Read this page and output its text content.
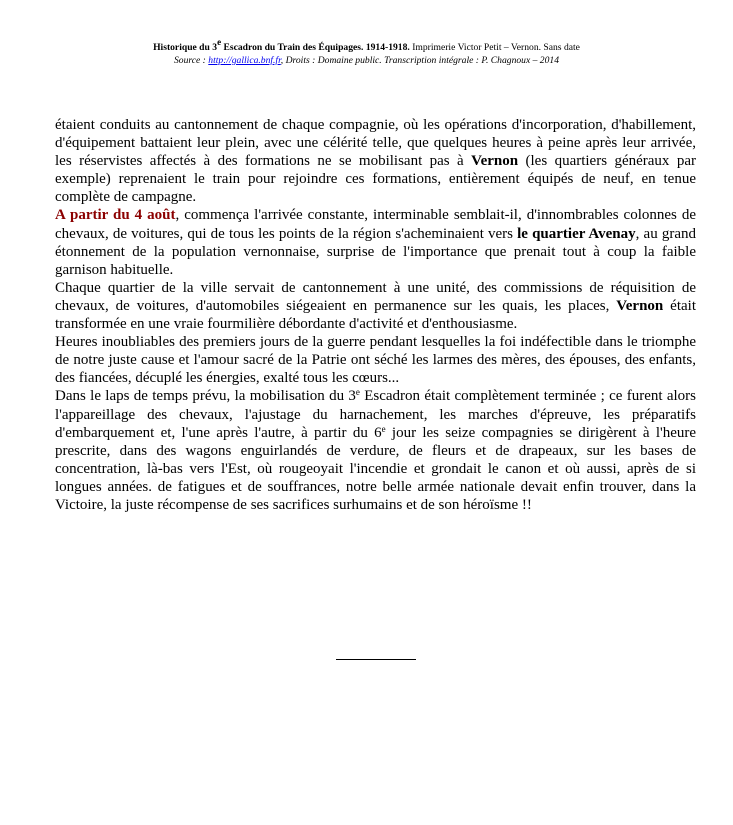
Historique du 3e Escadron du Train des Équipages. 1914-1918. Imprimerie Victor Petit – Vernon. Sans date
Source : http://gallica.bnf.fr, Droits : Domaine public. Transcription intégrale : P. Chagnoux – 2014

étaient conduits au cantonnement de chaque compagnie, où les opérations d'incorporation, d'habillement, d'équipement battaient leur plein, avec une célérité telle, que quelques heures à peine après leur arrivée, les réservistes affectés à des formations ne se mobilisant pas à Vernon (les quartiers généraux par exemple) reprenaient le train pour rejoindre ces formations, entièrement équipés de neuf, en tenue complète de campagne.

A partir du 4 août, commença l'arrivée constante, interminable semblait-il, d'innombrables colonnes de chevaux, de voitures, qui de tous les points de la région s'acheminaient vers le quartier Avenay, au grand étonnement de la population vernonnaise, surprise de l'importance que prenait tout à coup la faible garnison habituelle.

Chaque quartier de la ville servait de cantonnement à une unité, des commissions de réquisition de chevaux, de voitures, d'automobiles siégeaient en permanence sur les quais, les places, Vernon était transformée en une vraie fourmilière débordante d'activité et d'enthousiasme.

Heures inoubliables des premiers jours de la guerre pendant lesquelles la foi indéfectible dans le triomphe de notre juste cause et l'amour sacré de la Patrie ont séché les larmes des mères, des épouses, des enfants, des fiancées, décuplé les énergies, exalté tous les cœurs...

Dans le laps de temps prévu, la mobilisation du 3e Escadron était complètement terminée ; ce furent alors l'appareillage des chevaux, l'ajustage du harnachement, les marches d'épreuve, les préparatifs d'embarquement et, l'une après l'autre, à partir du 6e jour les seize compagnies se dirigèrent à l'heure prescrite, dans des wagons enguirlandés de verdure, de fleurs et de drapeaux, sur les bases de concentration, là-bas vers l'Est, où rougeoyait l'incendie et grondait le canon et où aussi, après de si longues années. de fatigues et de souffrances, notre belle armée nationale devait enfin trouver, dans la Victoire, la juste récompense de ses sacrifices surhumains et de son héroïsme !!
